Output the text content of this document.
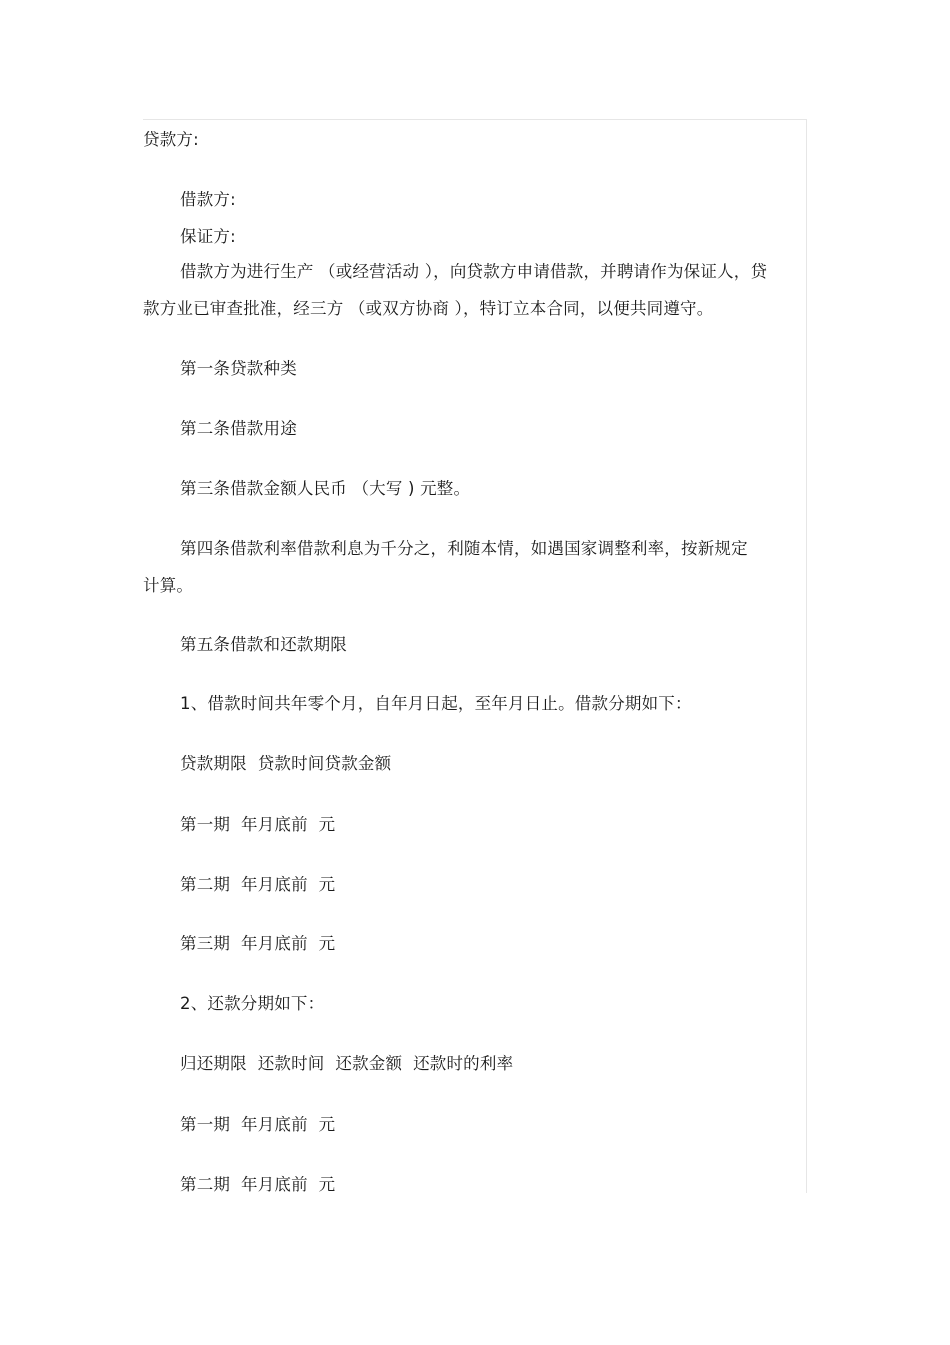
贷款方:
借款方:
保证方:
借款方为进行生产 （或经营活动 ），向贷款方申请借款，并聘请作为保证人，贷
款方业已审查批准，经三方 （或双方协商 ），特订立本合同，以便共同遵守。
第一条贷款种类
第二条借款用途
第三条借款金额人民币 （大写 ) 元整。
第四条借款利率借款利息为千分之，利随本情，如遇国家调整利率，按新规定
计算。
第五条借款和还款期限
1、借款时间共年零个月，自年月日起，至年月日止。借款分期如下：
贷款期限  贷款时间贷款金额
第一期  年月底前  元
第二期  年月底前  元
第三期  年月底前  元
2、还款分期如下：
归还期限  还款时间  还款金额  还款时的利率
第一期  年月底前  元
第二期  年月底前  元
